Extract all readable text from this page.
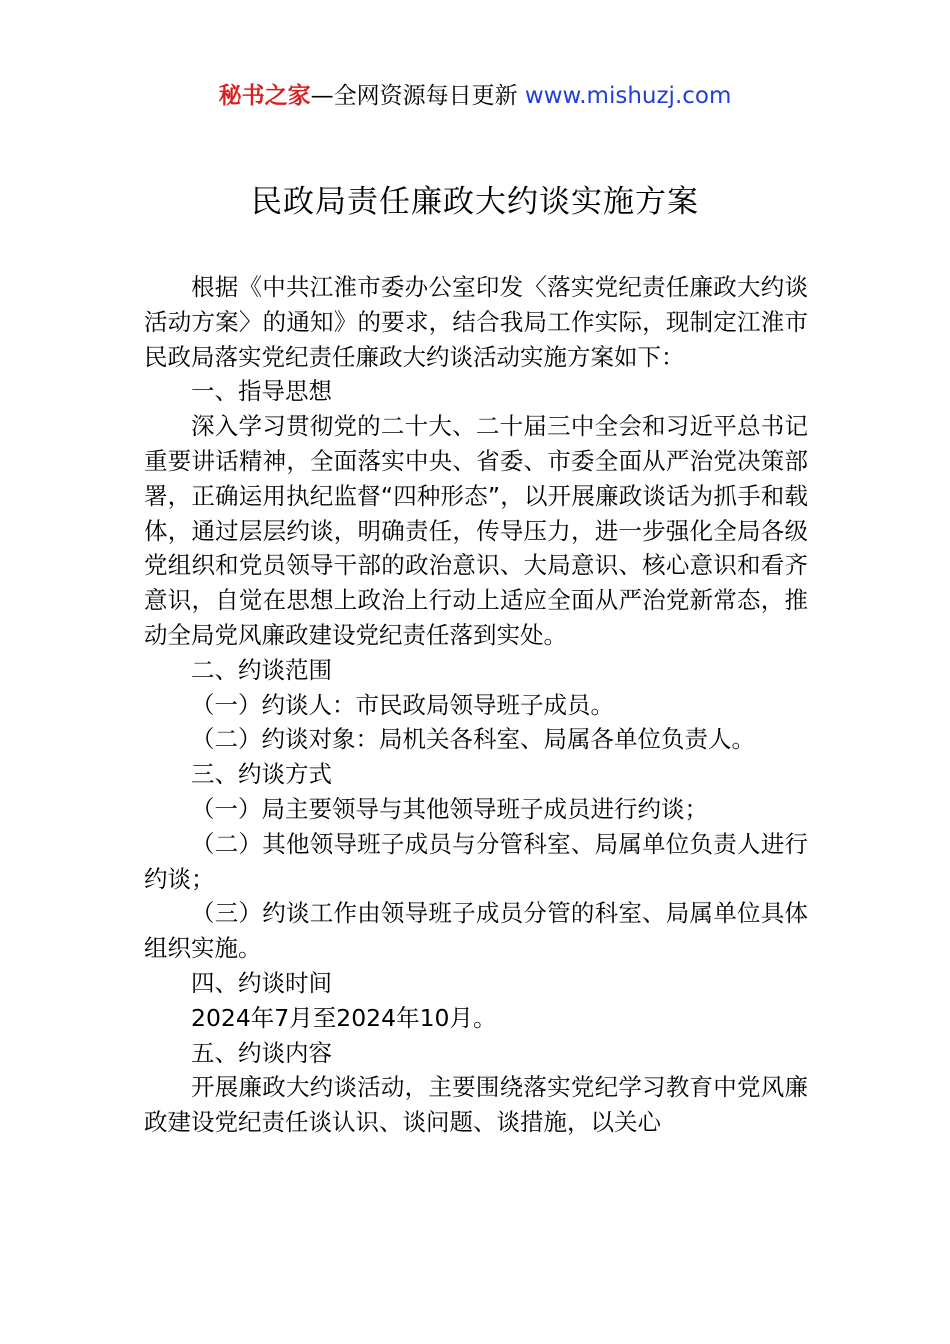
秘书之家—全网资源每日更新 www.mishuzj.com
民政局责任廉政大约谈实施方案

根据《中共江淮市委办公室印发〈落实党纪责任廉政大约谈活动方案〉的通知》的要求，结合我局工作实际，现制定江淮市民政局落实党纪责任廉政大约谈活动实施方案如下：

一、指导思想

深入学习贯彻党的二十大、二十届三中全会和习近平总书记重要讲话精神，全面落实中央、省委、市委全面从严治党决策部署，正确运用执纪监督“四种形态”，以开展廉政谈话为抓手和载体，通过层层约谈，明确责任，传导压力，进一步强化全局各级党组织和党员领导干部的政治意识、大局意识、核心意识和看齐意识，自觉在思想上政治上行动上适应全面从严治党新常态，推动全局党风廉政建设党纪责任落到实处。

二、约谈范围

（一）约谈人：市民政局领导班子成员。

（二）约谈对象：局机关各科室、局属各单位负责人。

三、约谈方式

（一）局主要领导与其他领导班子成员进行约谈；

（二）其他领导班子成员与分管科室、局属单位负责人进行约谈；

（三）约谈工作由领导班子成员分管的科室、局属单位具体组织实施。

四、约谈时间

2024年7月至2024年10月。

五、约谈内容

开展廉政大约谈活动，主要围绕落实党纪学习教育中党风廉政建设党纪责任谈认识、谈问题、谈措施，以关心
